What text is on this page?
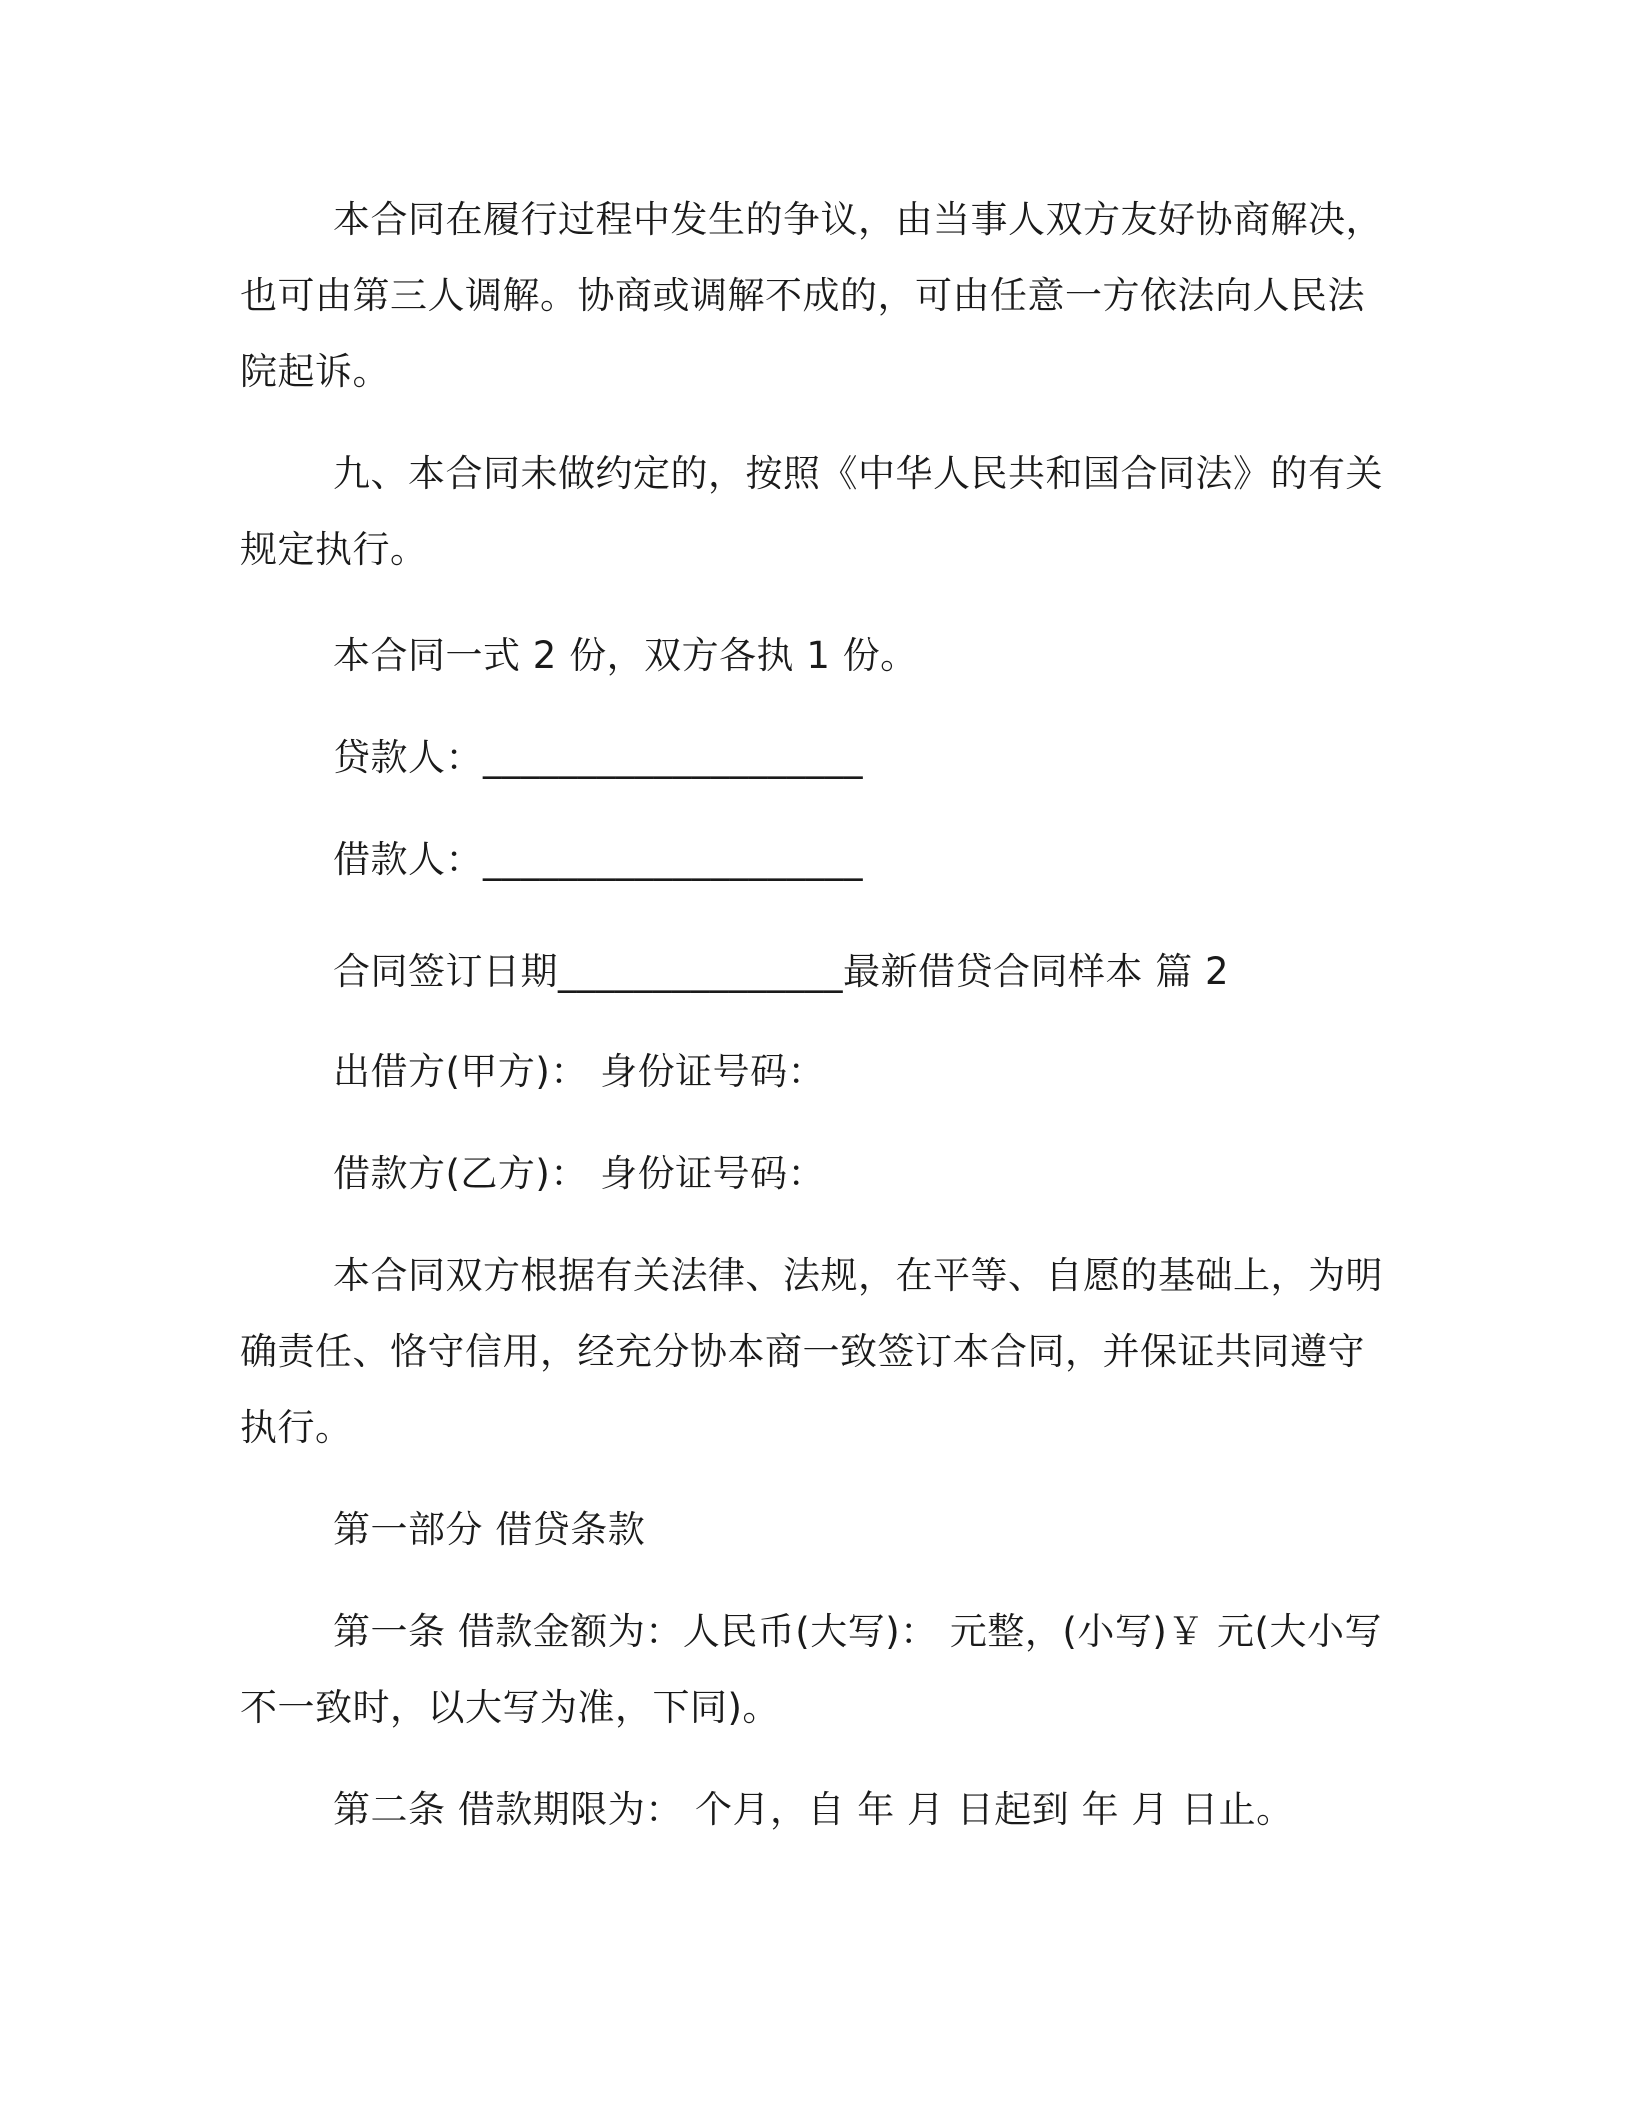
本合同在履行过程中发生的争议，由当事人双方友好协商解决，
也可由第三人调解。协商或调解不成的，可由任意一方依法向人民法
院起诉。
九、本合同未做约定的，按照《中华人民共和国合同法》的有关
规定执行。
本合同一式 2 份，双方各执 1 份。
贷款人：____________________
借款人：____________________
合同签订日期_______________最新借贷合同样本 篇 2
出借方(甲方)： 身份证号码：
借款方(乙方)： 身份证号码：
本合同双方根据有关法律、法规，在平等、自愿的基础上，为明
确责任、恪守信用，经充分协本商一致签订本合同，并保证共同遵守
执行。
第一部分 借贷条款
第一条 借款金额为：人民币(大写)： 元整，(小写)￥ 元(大小写
不一致时，以大写为准，下同)。
第二条 借款期限为： 个月，自 年 月 日起到 年 月 日止。
